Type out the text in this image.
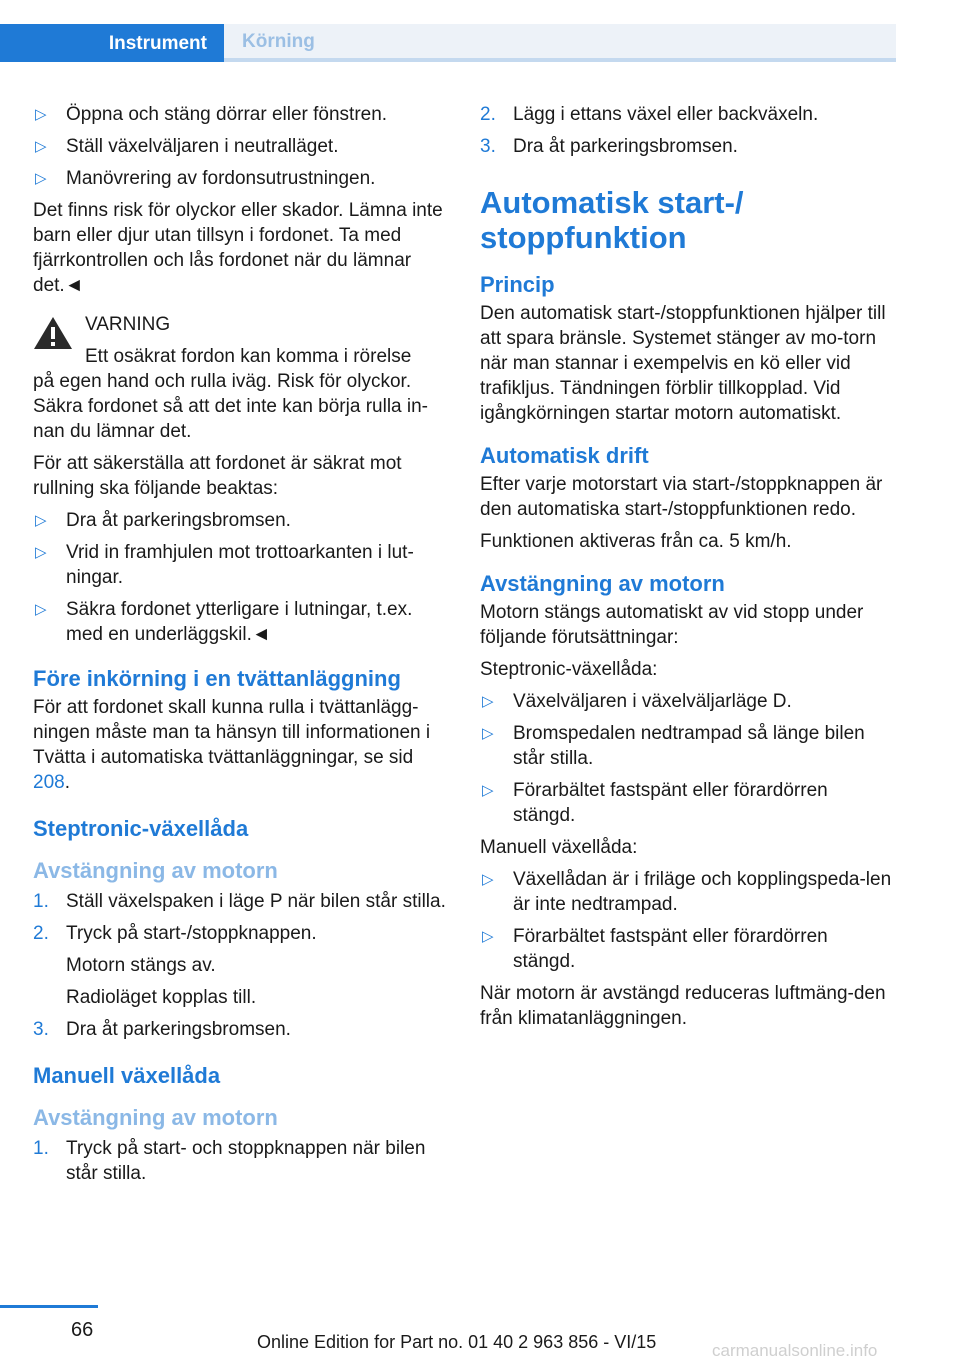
Instrument	Körning
▷ Öppna och stäng dörrar eller fönstren.
▷ Ställ växelväljaren i neutralläget.
▷ Manövrering av fordonsutrustningen.

Det finns risk för olyckor eller skador. Lämna inte barn eller djur utan tillsyn i fordonet. Ta med fjärrkontrollen och lås fordonet när du lämnar det.◄

VARNING
Ett osäkrat fordon kan komma i rörelse
på egen hand och rulla iväg. Risk för olyckor. Säkra fordonet så att det inte kan börja rulla in-nan du lämnar det.

För att säkerställa att fordonet är säkrat mot rullning ska följande beaktas:

▷ Dra åt parkeringsbromsen.
▷ Vrid in framhjulen mot trottoarkanten i lut-ningar.
▷ Säkra fordonet ytterligare i lutningar, t.ex. med en underläggskil.◄
Före inkörning i en tvättanläggning

För att fordonet skall kunna rulla i tvättanlägg-ningen måste man ta hänsyn till informationen i Tvätta i automatiska tvättanläggningar, se sid 208.

Steptronic-växellåda
Avstängning av motorn
1. Ställ växelspaken i läge P när bilen står stilla.
2. Tryck på start-/stoppknappen.
Motorn stängs av.
Radioläget kopplas till.
3. Dra åt parkeringsbromsen.
Manuell växellåda
Avstängning av motorn
1. Tryck på start- och stoppknappen när bilen står stilla.
2. Lägg i ettans växel eller backväxeln.
3. Dra åt parkeringsbromsen.
Automatisk start-/ stoppfunktion
Princip

Den automatisk start-/stoppfunktionen hjälper till att spara bränsle. Systemet stänger av mo-torn när man stannar i exempelvis en kö eller vid trafikljus. Tändningen förblir tillkopplad. Vid igångkörningen startar motorn automatiskt.

Automatisk drift

Efter varje motorstart via start-/stoppknappen är den automatiska start-/stoppfunktionen redo.

Funktionen aktiveras från ca. 5 km/h.

Avstängning av motorn

Motorn stängs automatiskt av vid stopp under följande förutsättningar:

Steptronic-växellåda:

▷ Växelväljaren i växelväljarläge D.
▷ Bromspedalen nedtrampad så länge bilen står stilla.
▷ Förarbältet fastspänt eller förardörren stängd.

Manuell växellåda:

▷ Växellådan är i friläge och kopplingspeda-len är inte nedtrampad.
▷ Förarbältet fastspänt eller förardörren stängd.

När motorn är avstängd reduceras luftmäng-den från klimatanläggningen.

66
Online Edition for Part no. 01 40 2 963 856 - VI/15	carmanualsonline.info
